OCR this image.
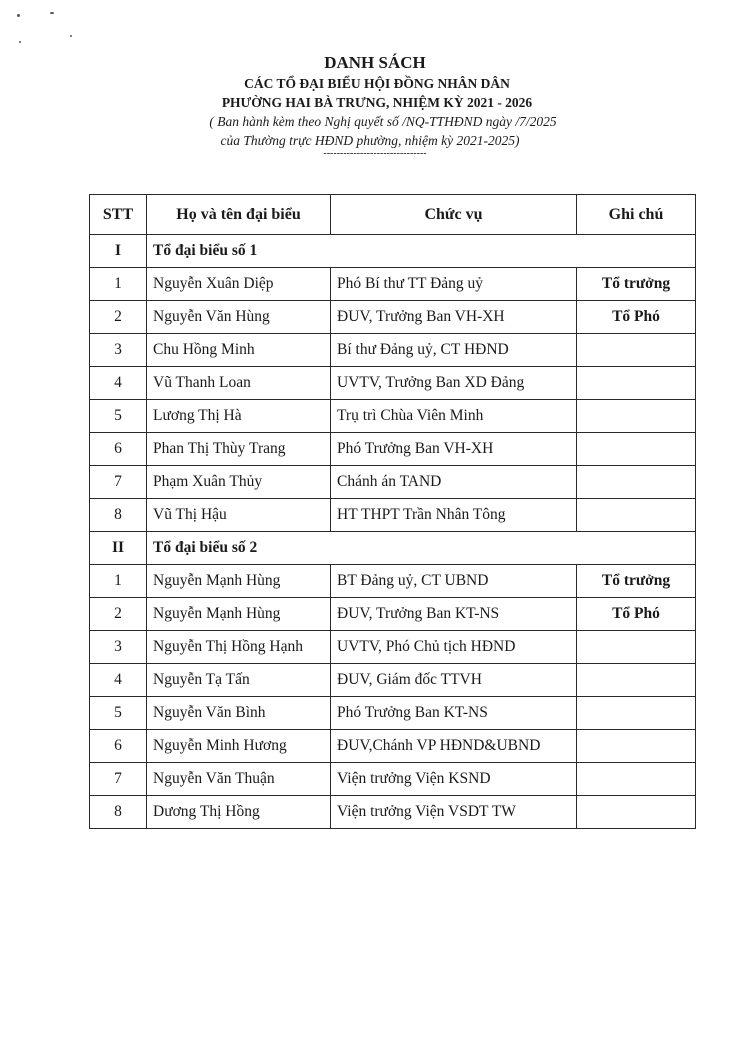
DANH SÁCH
CÁC TỔ ĐẠI BIỂU HỘI ĐỒNG NHÂN DÂN
PHƯỜNG HAI BÀ TRƯNG, NHIỆM KỲ 2021 - 2026
( Ban hành kèm theo Nghị quyết số /NQ-TTHĐND ngày /7/2025
của Thường trực HĐND phường, nhiệm kỳ 2021-2025)
-------------------------------
STT	Họ và tên đại biểu	Chức vụ	Ghi chú
I	Tổ đại biểu số 1		
1	Nguyễn Xuân Diệp	Phó Bí thư TT Đảng uỷ	Tổ trưởng
2	Nguyễn Văn Hùng	ĐUV, Trưởng Ban VH-XH	Tổ Phó
3	Chu Hồng Minh	Bí thư Đảng uỷ, CT HĐND	
4	Vũ Thanh Loan	UVTV, Trưởng Ban XD Đảng	
5	Lương Thị Hà	Trụ trì Chùa Viên Minh	
6	Phan Thị Thùy Trang	Phó Trưởng Ban VH-XH	
7	Phạm Xuân Thủy	Chánh án TAND	
8	Vũ Thị Hậu	HT THPT Trần Nhân Tông	
II	Tổ đại biểu số 2		
1	Nguyễn Mạnh Hùng	BT Đảng uỷ, CT UBND	Tổ trưởng
2	Nguyễn Mạnh Hùng	ĐUV, Trưởng Ban KT-NS	Tổ Phó
3	Nguyễn Thị Hồng Hạnh	UVTV, Phó Chủ tịch HĐND	
4	Nguyễn Tạ Tấn	ĐUV, Giám đốc TTVH	
5	Nguyễn Văn Bình	Phó Trưởng Ban KT-NS	
6	Nguyễn Minh Hương	ĐUV,Chánh VP HĐND&UBND	
7	Nguyễn Văn Thuận	Viện trưởng Viện KSND	
8	Dương Thị Hồng	Viện trưởng Viện VSDT TW	
